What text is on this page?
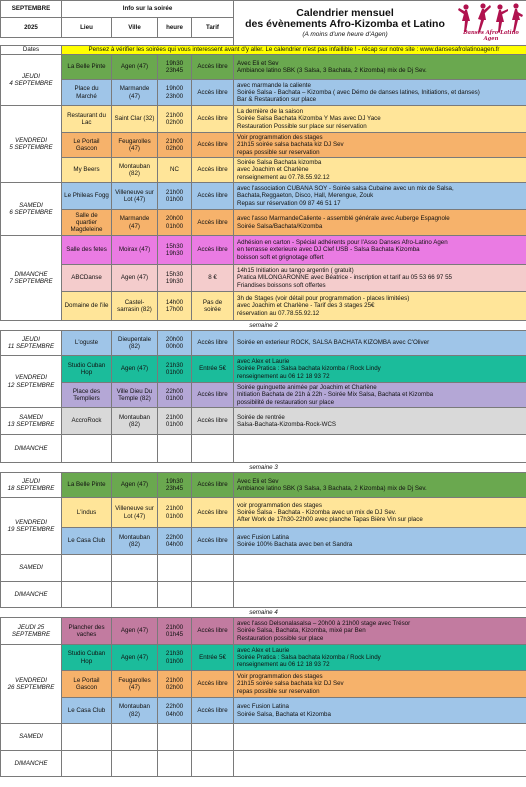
SEPTEMBRE	Info sur la soirée				Calendrier mensuel
des évènements Afro-Kizomba et Latino
(A moins d'une heure d'Agen) Danses Afro-Latino Agen

2025	Lieu	Ville	heure	Tarif	

Dates	Pensez à vérifier les soirées qui vous interessent avant d'y aller. Le calendrier n'est pas infaillible ! - récap sur notre site : www.dansesafrolatinoagen.fr				

JEUDI
4 SEPTEMBRE	La Belle Pinte	Agen (47)	19h30 23h45	Accès libre	Avec Eli et Sev
Ambiance latino SBK (3 Salsa, 3 Bachata, 2 Kizomba) mix de Dj Sev.

	Place du Marché	Marmande (47)	19h00 23h00	Accès libre	avec marmande la caliente
Soirée Salsa - Bachata – Kizomba ( avec Démo de danses latines, Initiations, et danses)
Bar & Restauration sur place

VENDREDI
5 SEPTEMBRE	Restaurant du Lac	Saint Clar (32)	21h00 02h00	Accès libre	La dernière de la saison
Soirée Salsa Bachata Kizomba Y Mas avec DJ Yace
Restauration Possible sur place sur réservation

	Le Portail Gascon	Feugarolles (47)	21h00 02h00	Accès libre	Voir programmation des stages
21h15 soirée salsa bachata kiz DJ Sev
repas possible sur reservation

	My Beers	Montauban (82)	NC	Accès libre	Soirée Salsa Bachata kizomba
avec Joachim et Charlène
renseignement au 07.78.55.92.12

SAMEDI
6 SEPTEMBRE	Le Phileas Fogg	Villeneuve sur Lot (47)	21h00 01h00	Accès libre	avec l'association CUBANA SOY - Soirée salsa Cubaine avec un mix de Salsa,
Bachata,Reggaeton, Disco, Hall, Merengue, Zouk
Repas sur réservation 09 87 46 51 17

	Salle de quartier Magdeleine	Marmande (47)	20h00 01h00	Accès libre	avec l'asso MarmandeCaliente - assemblé générale avec Auberge Espagnole
Soirée Salsa/Bachata/Kizomba

DIMANCHE
7 SEPTEMBRE	Salle des fetes	Moirax (47)	15h30 19h30	Accès libre	Adhésion en carton - Spécial adhérents pour l'Asso Danses Afro-Latino Agen
en terrasse exterieure avec DJ Clef USB - Salsa Bachata Kizomba
boisson soft et grignotage offert

	ABCDanse	Agen (47)	15h30 19h30	8 €	14h15 Initiation au tango argentin ( gratuit)
Pratica MILONGARONNE avec Béatrice - inscription et tarif au 05 53 66 97 55
Friandises boissons soft offertes

	Domaine de l'ile	Castel-sarrasin (82)	14h00 17h00	Pas de soirée	3h de Stages (voir détail pour programmation - places limitées)
avec Joachim et Charlène - Tarif des 3 stages 25€
réservation au 07.78.55.92.12

semaine 2					

JEUDI
11 SEPTEMBRE	L'oguste	Dieupentale (82)	20h00 00h00	Accès libre	Soirée en exterieur ROCK, SALSA BACHATA KIZOMBA avec C'Oliver

VENDREDI
12 SEPTEMBRE	Studio Cuban Hop	Agen (47)	21h30 01h00	Entrée 5€	avec Alex et Laurie
Soirée Pratica : Salsa bachata kizomba / Rock Lindy
renseignement au 06 12 18 93 72

	Place des Templiers	Ville Dieu Du Temple (82)	22h00 01h00	Accès libre	Soirée guinguette animée par Joachim et Charlène
Initiation Bachata de 21h à 22h - Soirée Mix Salsa, Bachata et Kizomba
possibilité de restauration sur place

SAMEDI
13 SEPTEMBRE	AccroRock	Montauban (82)	21h00 01h00	Accès libre	Soirée de rentrée
Salsa-Bachata-Kizomba-Rock-WCS

DIMANCHE					
semaine 3					

JEUDI
18 SEPTEMBRE	La Belle Pinte	Agen (47)	19h30 23h45	Accès libre	Avec Eli et Sev
Ambiance latino SBK (3 Salsa, 3 Bachata, 2 Kizomba) mix de Dj Sev.

VENDREDI
19 SEPTEMBRE	L'indus	Villeneuve sur Lot (47)	21h00 01h00	Accès libre	voir programmation des stages
Soirée Salsa - Bachata - Kizomba avec un mix de DJ Sev.
After Work de 17h30-22h00 avec planche Tapas Bière Vin sur place

	Le Casa Club	Montauban (82)	22h00 04h00	Accès libre	avec Fusion Latina
Soirée 100% Bachata avec ben et Sandra

SAMEDI					
DIMANCHE					
semaine 4					

JEUDI 25
SEPTEMBRE	Plancher des vaches	Agen (47)	21h00 01h45	Accès libre	avec l'asso Delsonalasalsa – 20h00 à 21h00 stage avec Trésor
Soirée Salsa, Bachata, Kizomba, mixé par Ben
Restauration possible sur place

VENDREDI
26 SEPTEMBRE	Studio Cuban Hop	Agen (47)	21h30 01h00	Entrée 5€	avec Alex et Laurie
Soirée Pratica : Salsa bachata kizomba / Rock Lindy
renseignement au 06 12 18 93 72

	Le Portail Gascon	Feugarolles (47)	21h00 02h00	Accès libre	Voir programmation des stages
21h15 soirée salsa bachata kiz DJ Sev
repas possible sur reservation

	Le Casa Club	Montauban (82)	22h00 04h00	Accès libre	avec Fusion Latina
Soirée Salsa, Bachata et Kizomba

SAMEDI					
DIMANCHE					
